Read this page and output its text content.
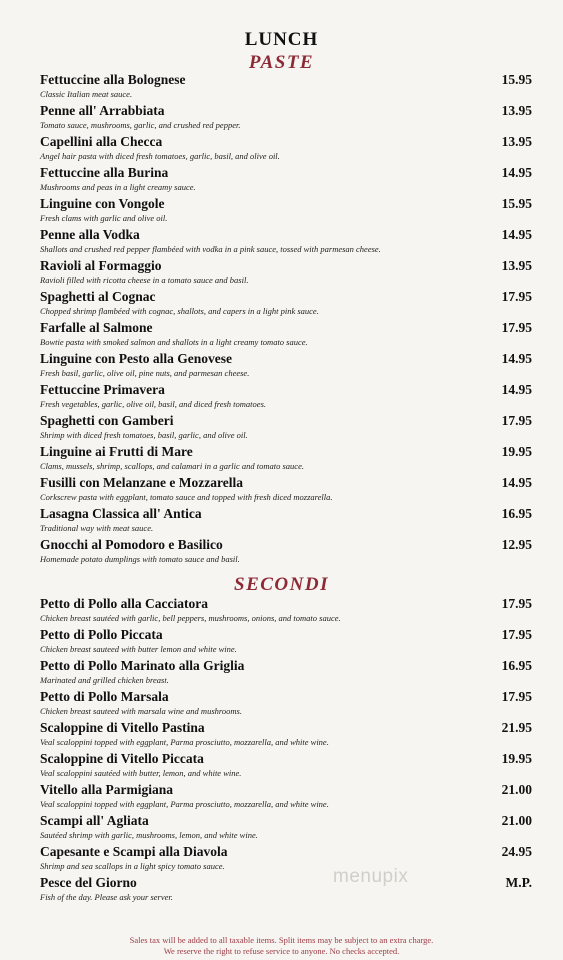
LUNCH
PASTE
Fettuccine alla Bolognese	15.95
Classic Italian meat sauce.
Penne all' Arrabbiata	13.95
Tomato sauce, mushrooms, garlic, and crushed red pepper.
Capellini alla Checca	13.95
Angel hair pasta with diced fresh tomatoes, garlic, basil, and olive oil.
Fettuccine alla Burina	14.95
Mushrooms and peas in a light creamy sauce.
Linguine con Vongole	15.95
Fresh clams with garlic and olive oil.
Penne alla Vodka	14.95
Shallots and crushed red pepper flambéed with vodka in a pink sauce, tossed with parmesan cheese.
Ravioli al Formaggio	13.95
Ravioli filled with ricotta cheese in a tomato sauce and basil.
Spaghetti al Cognac	17.95
Chopped shrimp flambéed with cognac, shallots, and capers in a light pink sauce.
Farfalle al Salmone	17.95
Bowtie pasta with smoked salmon and shallots in a light creamy tomato sauce.
Linguine con Pesto alla Genovese	14.95
Fresh basil, garlic, olive oil, pine nuts, and parmesan cheese.
Fettuccine Primavera	14.95
Fresh vegetables, garlic, olive oil, basil, and diced fresh tomatoes.
Spaghetti con Gamberi	17.95
Shrimp with diced fresh tomatoes, basil, garlic, and olive oil.
Linguine ai Frutti di Mare	19.95
Clams, mussels, shrimp, scallops, and calamari in a garlic and tomato sauce.
Fusilli con Melanzane e Mozzarella	14.95
Corkscrew pasta with eggplant, tomato sauce and topped with fresh diced mozzarella.
Lasagna Classica all' Antica	16.95
Traditional way with meat sauce.
Gnocchi al Pomodoro e Basilico	12.95
Homemade potato dumplings with tomato sauce and basil.
SECONDI
Petto di Pollo alla Cacciatora	17.95
Chicken breast sautéed with garlic, bell peppers, mushrooms, onions, and tomato sauce.
Petto di Pollo Piccata	17.95
Chicken breast sauteed with butter lemon and white wine.
Petto di Pollo Marinato alla Griglia	16.95
Marinated and grilled chicken breast.
Petto di Pollo Marsala	17.95
Chicken breast sauteed with marsala wine and mushrooms.
Scaloppine di Vitello Pastina	21.95
Veal scaloppini topped with eggplant, Parma prosciutto, mozzarella, and white wine.
Scaloppine di Vitello Piccata	19.95
Veal scaloppini sautéed with butter, lemon, and white wine.
Vitello alla Parmigiana	21.00
Veal scaloppini topped with eggplant, Parma prosciutto, mozzarella, and white wine.
Scampi all' Agliata	21.00
Sautéed shrimp with garlic, mushrooms, lemon, and white wine.
Capesante e Scampi alla Diavola	24.95
Shrimp and sea scallops in a light spicy tomato sauce.
Pesce del Giorno	M.P.
Fish of the day. Please ask your server.
menupix
Sales tax will be added to all taxable items. Split items may be subject to an extra charge.
We reserve the right to refuse service to anyone. No checks accepted.
